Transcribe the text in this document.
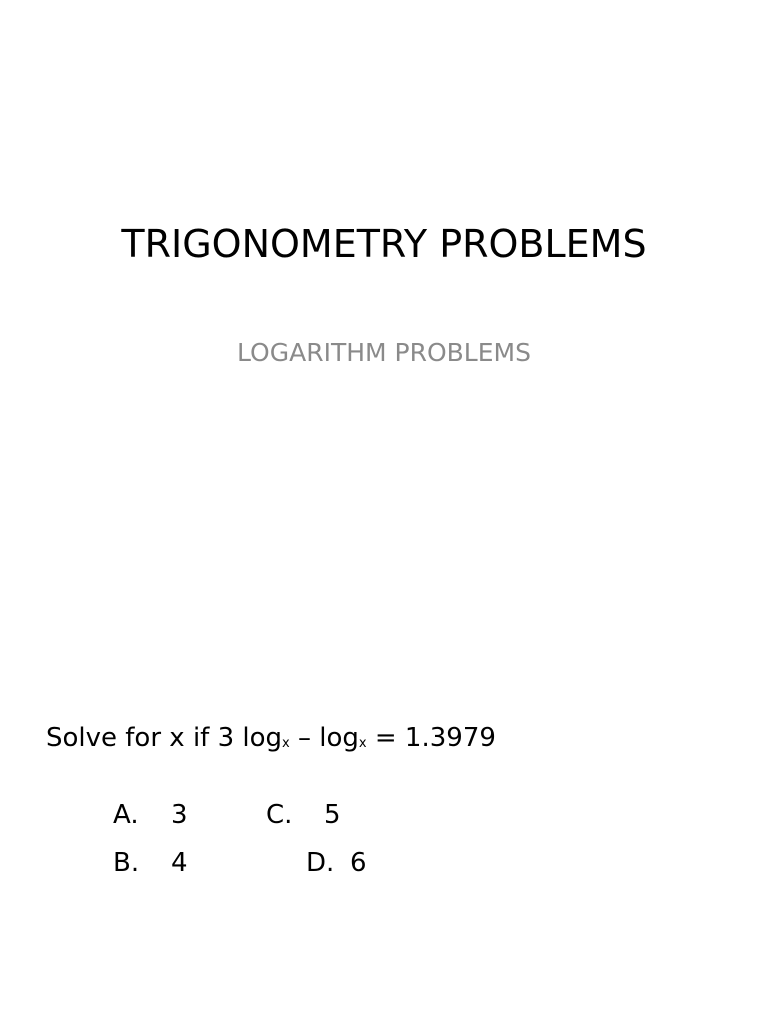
TRIGONOMETRY PROBLEMS

LOGARITHM PROBLEMS

Solve for x if 3 $\log_x - \log_x = 1.3979$
A. 3
B. 4
C. 5
D. 6
